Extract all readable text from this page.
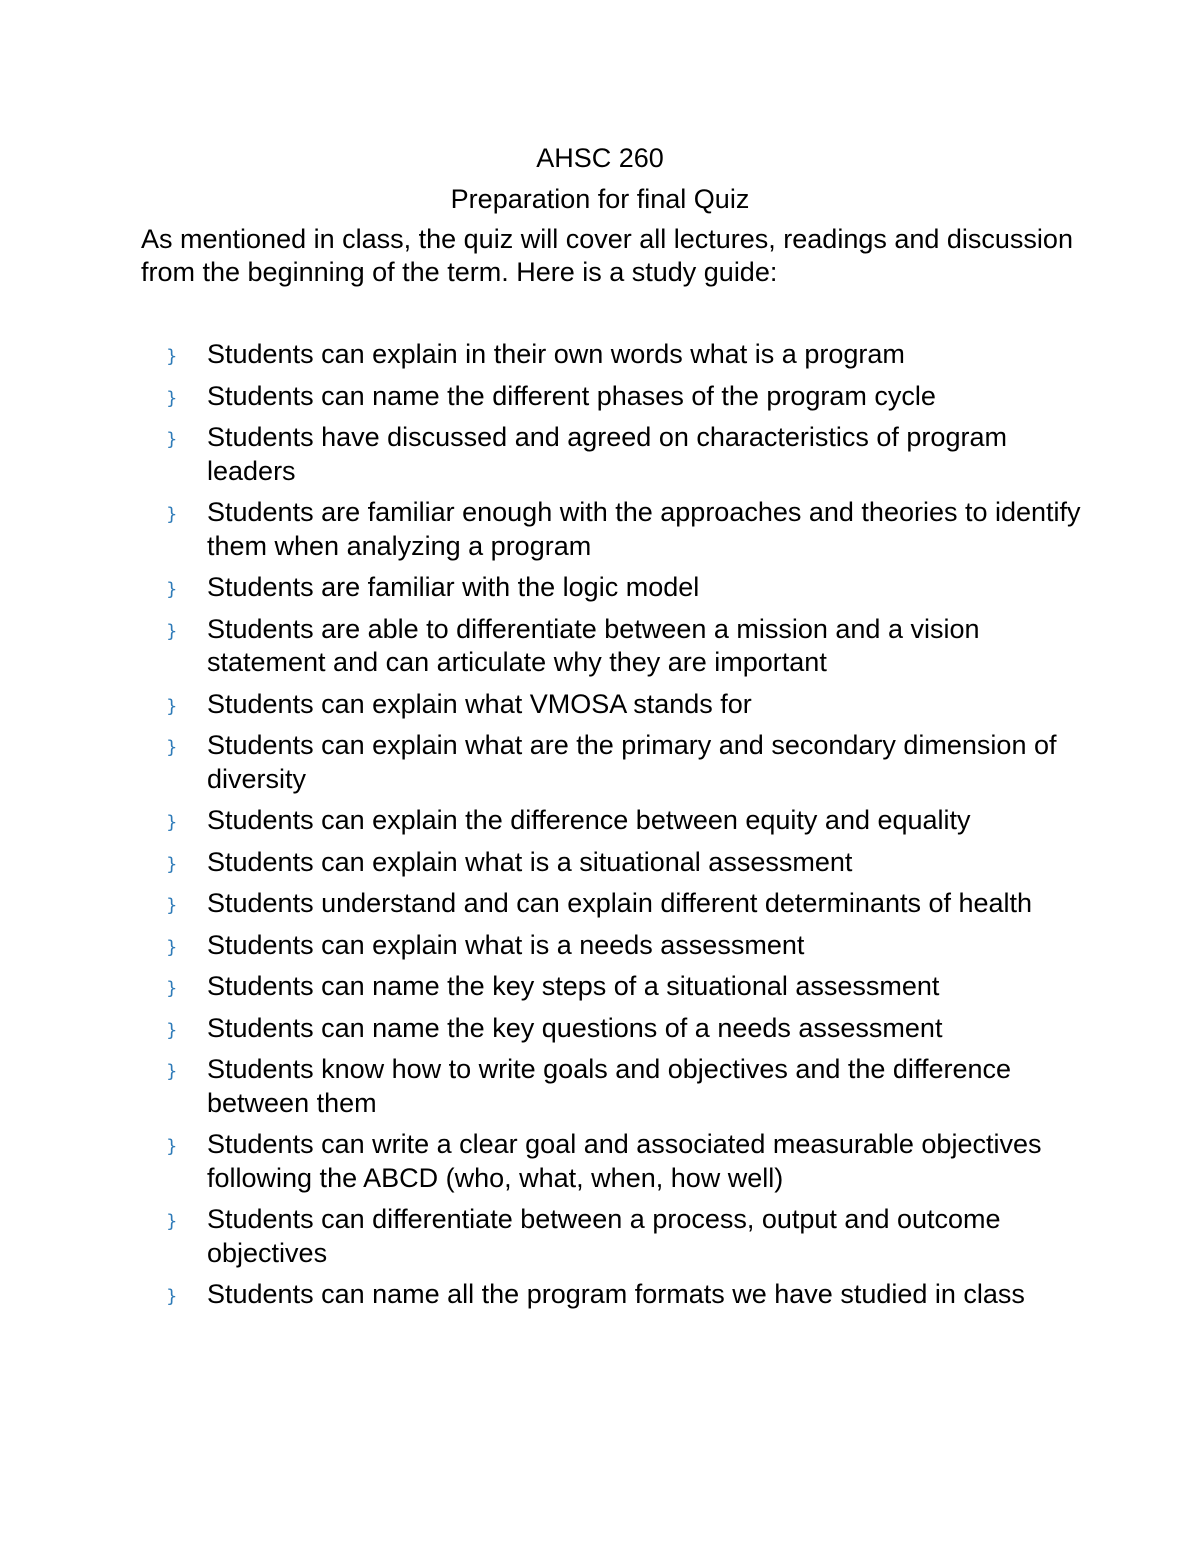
AHSC 260
Preparation for final Quiz

As mentioned in class, the quiz will cover all lectures, readings and discussion from the beginning of the term. Here is a study guide:

} Students can explain in their own words what is a program
} Students can name the different phases of the program cycle
} Students have discussed and agreed on characteristics of program leaders
} Students are familiar enough with the approaches and theories to identify them when analyzing a program
} Students are familiar with the logic model
} Students are able to differentiate between a mission and a vision statement and can articulate why they are important
} Students can explain what VMOSA stands for
} Students can explain what are the primary and secondary dimension of diversity
} Students can explain the difference between equity and equality
} Students can explain what is a situational assessment
} Students understand and can explain different determinants of health
} Students can explain what is a needs assessment
} Students can name the key steps of a situational assessment
} Students can name the key questions of a needs assessment
} Students know how to write goals and objectives and the difference between them
} Students can write a clear goal and associated measurable objectives following the ABCD (who, what, when, how well)
} Students can differentiate between a process, output and outcome objectives
} Students can name all the program formats we have studied in class
